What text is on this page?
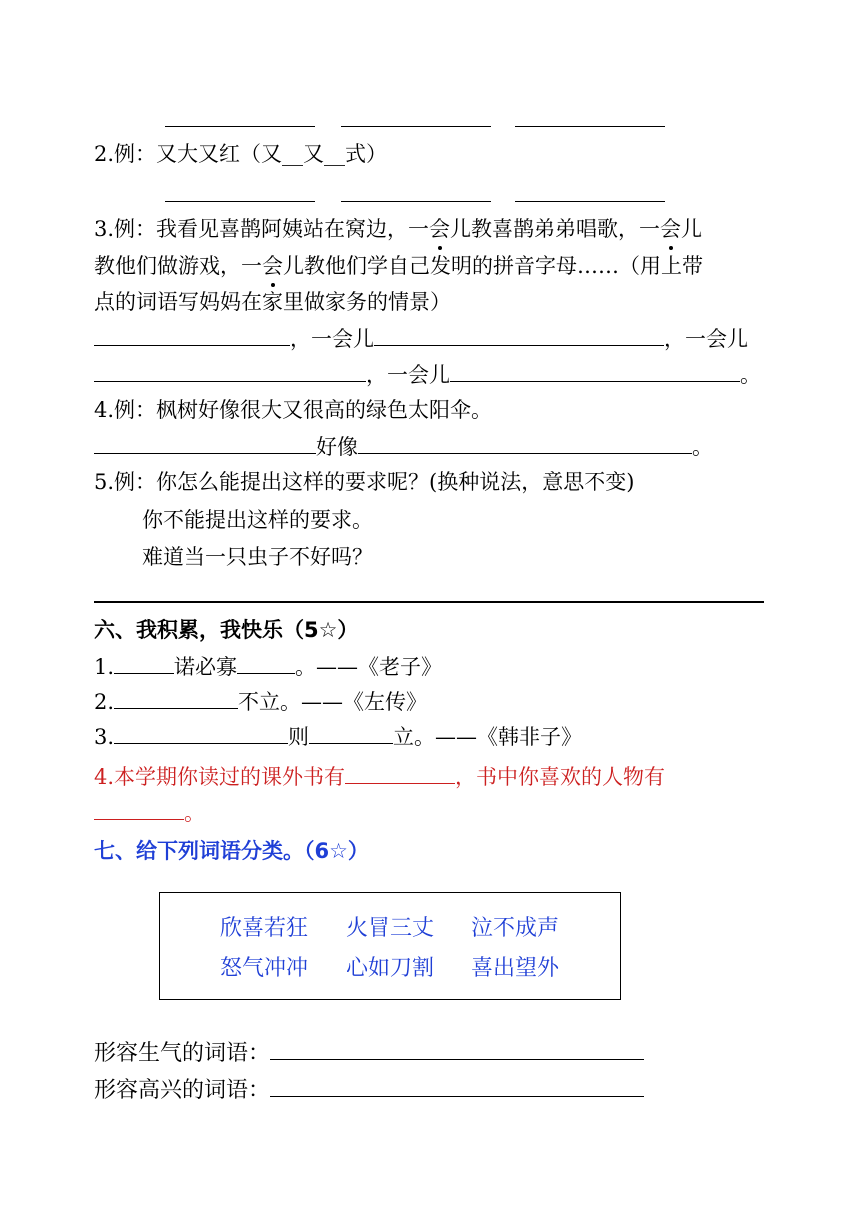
2.例：又大又红（又__又__式）
3.例：我看见喜鹊阿姨站在窝边，一会儿教喜鹊弟弟唱歌，一会儿
教他们做游戏，一会儿教他们学自己发明的拼音字母……（用上带
点的词语写妈妈在家里做家务的情景）
，一会儿	，一会儿
，一会儿	。
4.例：枫树好像很大又很高的绿色太阳伞。
好像	。
5.例：你怎么能提出这样的要求呢？(换种说法，意思不变)
你不能提出这样的要求。
难道当一只虫子不好吗？
六、我积累，我快乐（5☆）
1.	诺必寡	。——《老子》
2.	不立。——《左传》
3.	则	立。——《韩非子》
4.本学期你读过的课外书有	，书中你喜欢的人物有
。
七、给下列词语分类。（6☆）
欣喜若狂 火冒三丈 泣不成声
怒气冲冲 心如刀割 喜出望外
形容生气的词语：
形容高兴的词语：
